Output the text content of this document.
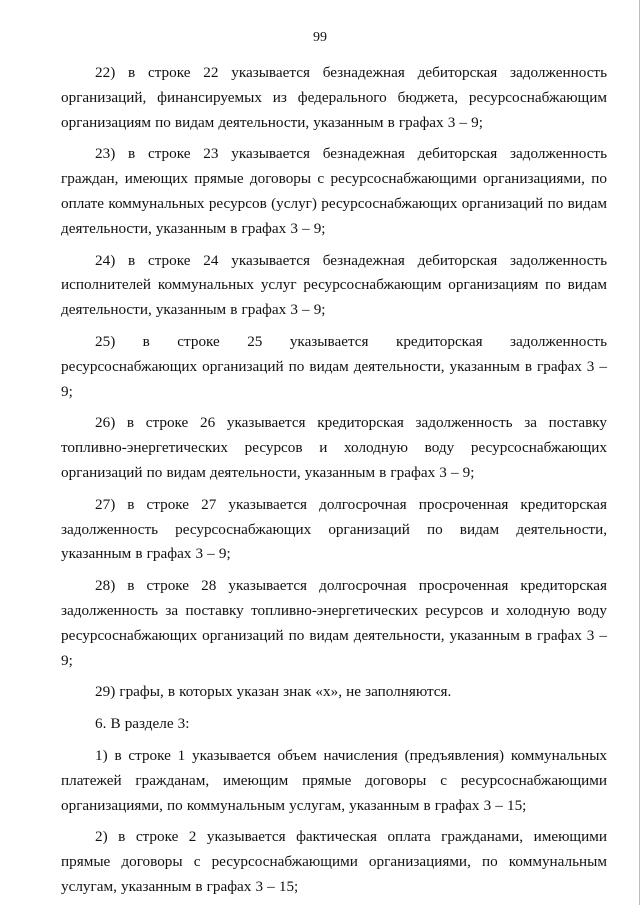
99

22) в строке 22 указывается безнадежная дебиторская задолженность организаций, финансируемых из федерального бюджета, ресурсоснабжающим организациям по видам деятельности, указанным в графах 3 – 9;

23) в строке 23 указывается безнадежная дебиторская задолженность граждан, имеющих прямые договоры с ресурсоснабжающими организациями, по оплате коммунальных ресурсов (услуг) ресурсоснабжающих организаций по видам деятельности, указанным в графах 3 – 9;

24) в строке 24 указывается безнадежная дебиторская задолженность исполнителей коммунальных услуг ресурсоснабжающим организациям по видам деятельности, указанным в графах 3 – 9;

25) в строке 25 указывается кредиторская задолженность ресурсоснабжающих организаций по видам деятельности, указанным в графах 3 – 9;

26) в строке 26 указывается кредиторская задолженность за поставку топливно-энергетических ресурсов и холодную воду ресурсоснабжающих организаций по видам деятельности, указанным в графах 3 – 9;

27) в строке 27 указывается долгосрочная просроченная кредиторская задолженность ресурсоснабжающих организаций по видам деятельности, указанным в графах 3 – 9;

28) в строке 28 указывается долгосрочная просроченная кредиторская задолженность за поставку топливно-энергетических ресурсов и холодную воду ресурсоснабжающих организаций по видам деятельности, указанным в графах 3 – 9;

29) графы, в которых указан знак «х», не заполняются.

6. В разделе 3:

1) в строке 1 указывается объем начисления (предъявления) коммунальных платежей гражданам, имеющим прямые договоры с ресурсоснабжающими организациями, по коммунальным услугам, указанным в графах 3 – 15;

2) в строке 2 указывается фактическая оплата гражданами, имеющими прямые договоры с ресурсоснабжающими организациями, по коммунальным услугам, указанным в графах 3 – 15;
